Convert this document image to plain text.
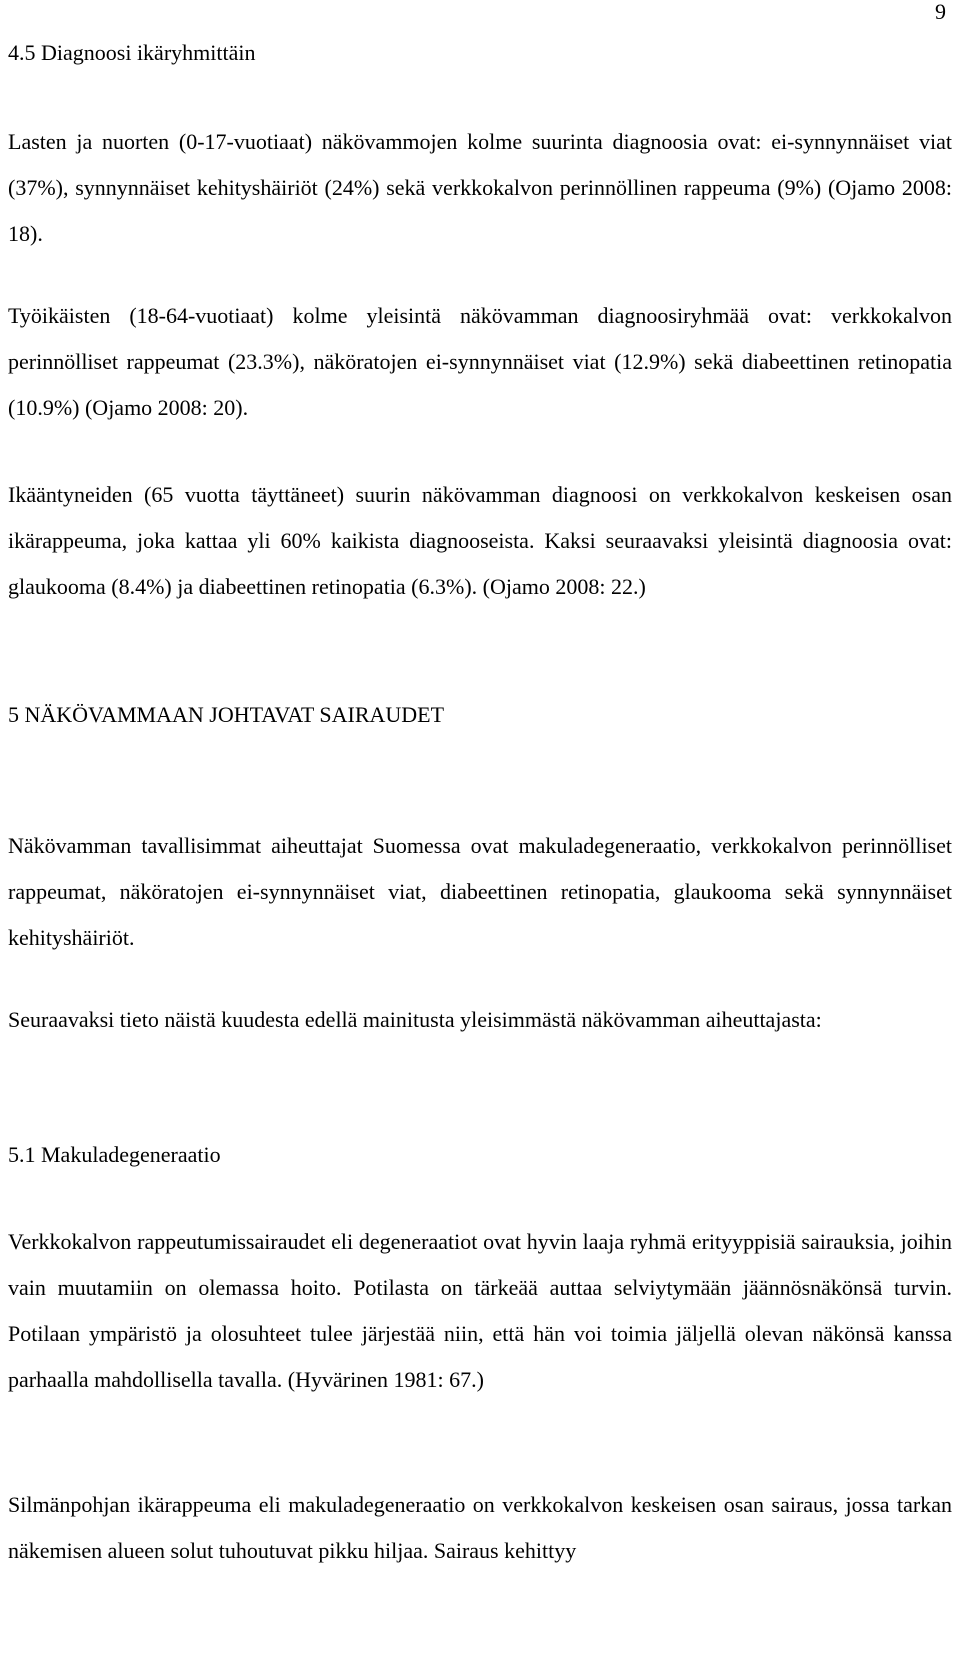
9
4.5 Diagnoosi ikäryhmittäin

Lasten ja nuorten (0-17-vuotiaat) näkövammojen kolme suurinta diagnoosia ovat: ei-synnynnäiset viat (37%), synnynnäiset kehityshäiriöt (24%) sekä verkkokalvon perinnöllinen rappeuma (9%) (Ojamo 2008: 18).

Työikäisten (18-64-vuotiaat) kolme yleisintä näkövamman diagnoosiryhmää ovat: verkkokalvon perinnölliset rappeumat (23.3%), näköratojen ei-synnynnäiset viat (12.9%) sekä diabeettinen retinopatia (10.9%) (Ojamo 2008: 20).

Ikääntyneiden (65 vuotta täyttäneet) suurin näkövamman diagnoosi on verkkokalvon keskeisen osan ikärappeuma, joka kattaa yli 60% kaikista diagnooseista. Kaksi seuraavaksi yleisintä diagnoosia ovat: glaukooma (8.4%) ja diabeettinen retinopatia (6.3%). (Ojamo 2008: 22.)

5 NÄKÖVAMMAAN JOHTAVAT SAIRAUDET

Näkövamman tavallisimmat aiheuttajat Suomessa ovat makuladegeneraatio, verkkokalvon perinnölliset rappeumat, näköratojen ei-synnynnäiset viat, diabeettinen retinopatia, glaukooma sekä synnynnäiset kehityshäiriöt.

Seuraavaksi tieto näistä kuudesta edellä mainitusta yleisimmästä näkövamman aiheuttajasta:

5.1 Makuladegeneraatio

Verkkokalvon rappeutumissairaudet eli degeneraatiot ovat hyvin laaja ryhmä erityyppisiä sairauksia, joihin vain muutamiin on olemassa hoito. Potilasta on tärkeää auttaa selviytymään jäännösnäkönsä turvin. Potilaan ympäristö ja olosuhteet tulee järjestää niin, että hän voi toimia jäljellä olevan näkönsä kanssa parhaalla mahdollisella tavalla. (Hyvärinen 1981: 67.)

Silmänpohjan ikärappeuma eli makuladegeneraatio on verkkokalvon keskeisen osan sairaus, jossa tarkan näkemisen alueen solut tuhoutuvat pikku hiljaa. Sairaus kehittyy
